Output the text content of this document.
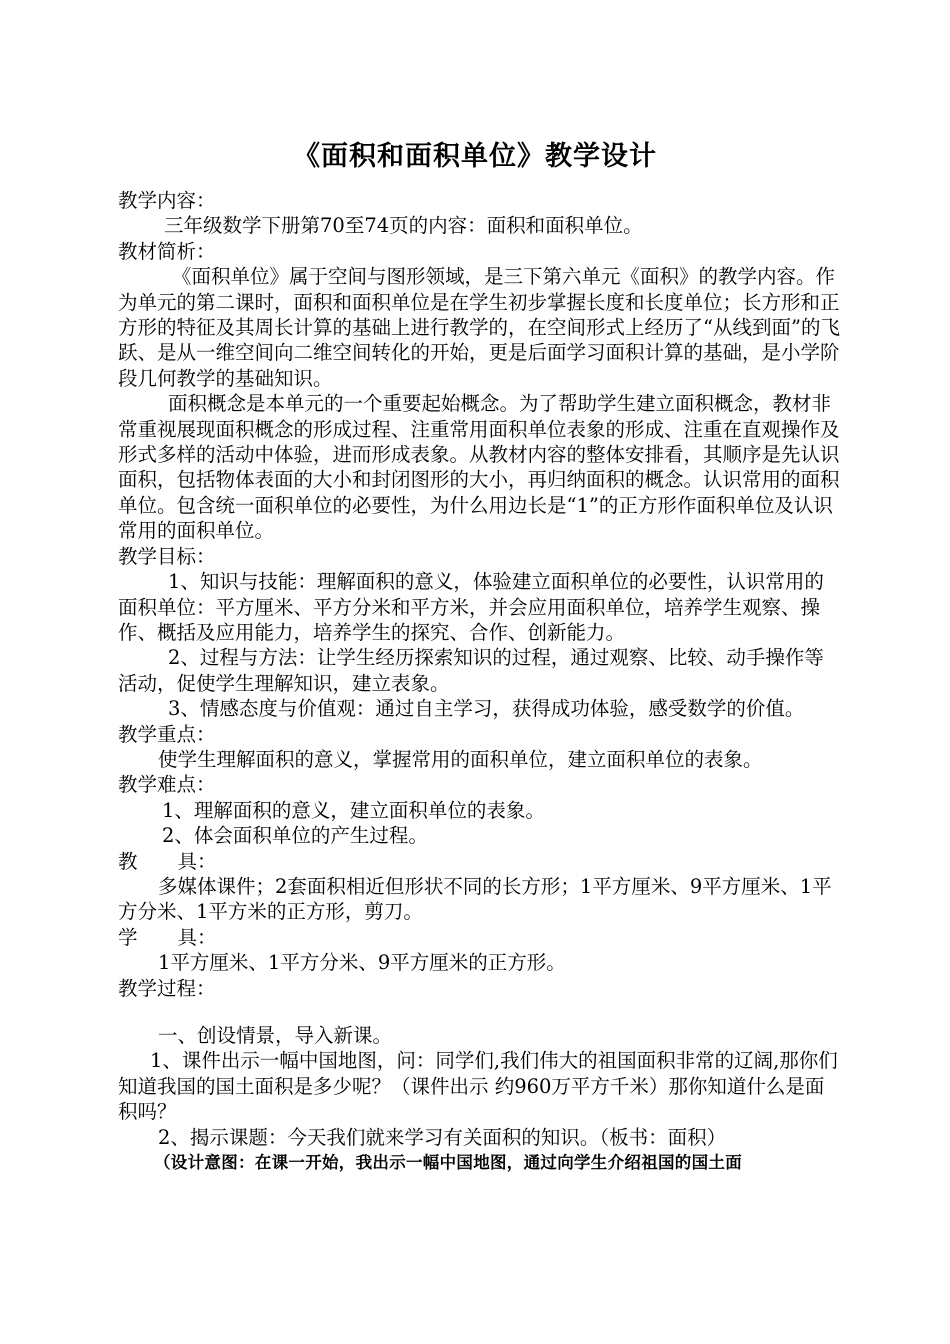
《面积和面积单位》教学设计

教学内容：

三年级数学下册第70至74页的内容：面积和面积单位。

教材简析：

《面积单位》属于空间与图形领域，是三下第六单元《面积》的教学内容。作为单元的第二课时，面积和面积单位是在学生初步掌握长度和长度单位；长方形和正方形的特征及其周长计算的基础上进行教学的，在空间形式上经历了“从线到面”的飞跃、是从一维空间向二维空间转化的开始，更是后面学习面积计算的基础，是小学阶段几何教学的基础知识。

面积概念是本单元的一个重要起始概念。为了帮助学生建立面积概念，教材非常重视展现面积概念的形成过程、注重常用面积单位表象的形成、注重在直观操作及形式多样的活动中体验，进而形成表象。从教材内容的整体安排看，其顺序是先认识面积，包括物体表面的大小和封闭图形的大小，再归纳面积的概念。认识常用的面积单位。包含统一面积单位的必要性，为什么用边长是“1”的正方形作面积单位及认识常用的面积单位。

教学目标：

1、知识与技能：理解面积的意义，体验建立面积单位的必要性，认识常用的面积单位：平方厘米、平方分米和平方米，并会应用面积单位，培养学生观察、操作、概括及应用能力，培养学生的探究、合作、创新能力。

2、过程与方法：让学生经历探索知识的过程，通过观察、比较、动手操作等活动，促使学生理解知识，建立表象。

3、情感态度与价值观：通过自主学习，获得成功体验，感受数学的价值。

教学重点：

使学生理解面积的意义，掌握常用的面积单位，建立面积单位的表象。

教学难点：

1、理解面积的意义，建立面积单位的表象。

2、体会面积单位的产生过程。

教 具：

多媒体课件；2套面积相近但形状不同的长方形；1平方厘米、9平方厘米、1平方分米、1平方米的正方形，剪刀。

学 具：

1平方厘米、1平方分米、9平方厘米的正方形。

教学过程：

一、创设情景，导入新课。

1、课件出示一幅中国地图，问：同学们,我们伟大的祖国面积非常的辽阔,那你们知道我国的国土面积是多少呢？（课件出示 约960万平方千米）那你知道什么是面积吗？

2、揭示课题：今天我们就来学习有关面积的知识。（板书：面积）

（设计意图：在课一开始，我出示一幅中国地图，通过向学生介绍祖国的国土面
